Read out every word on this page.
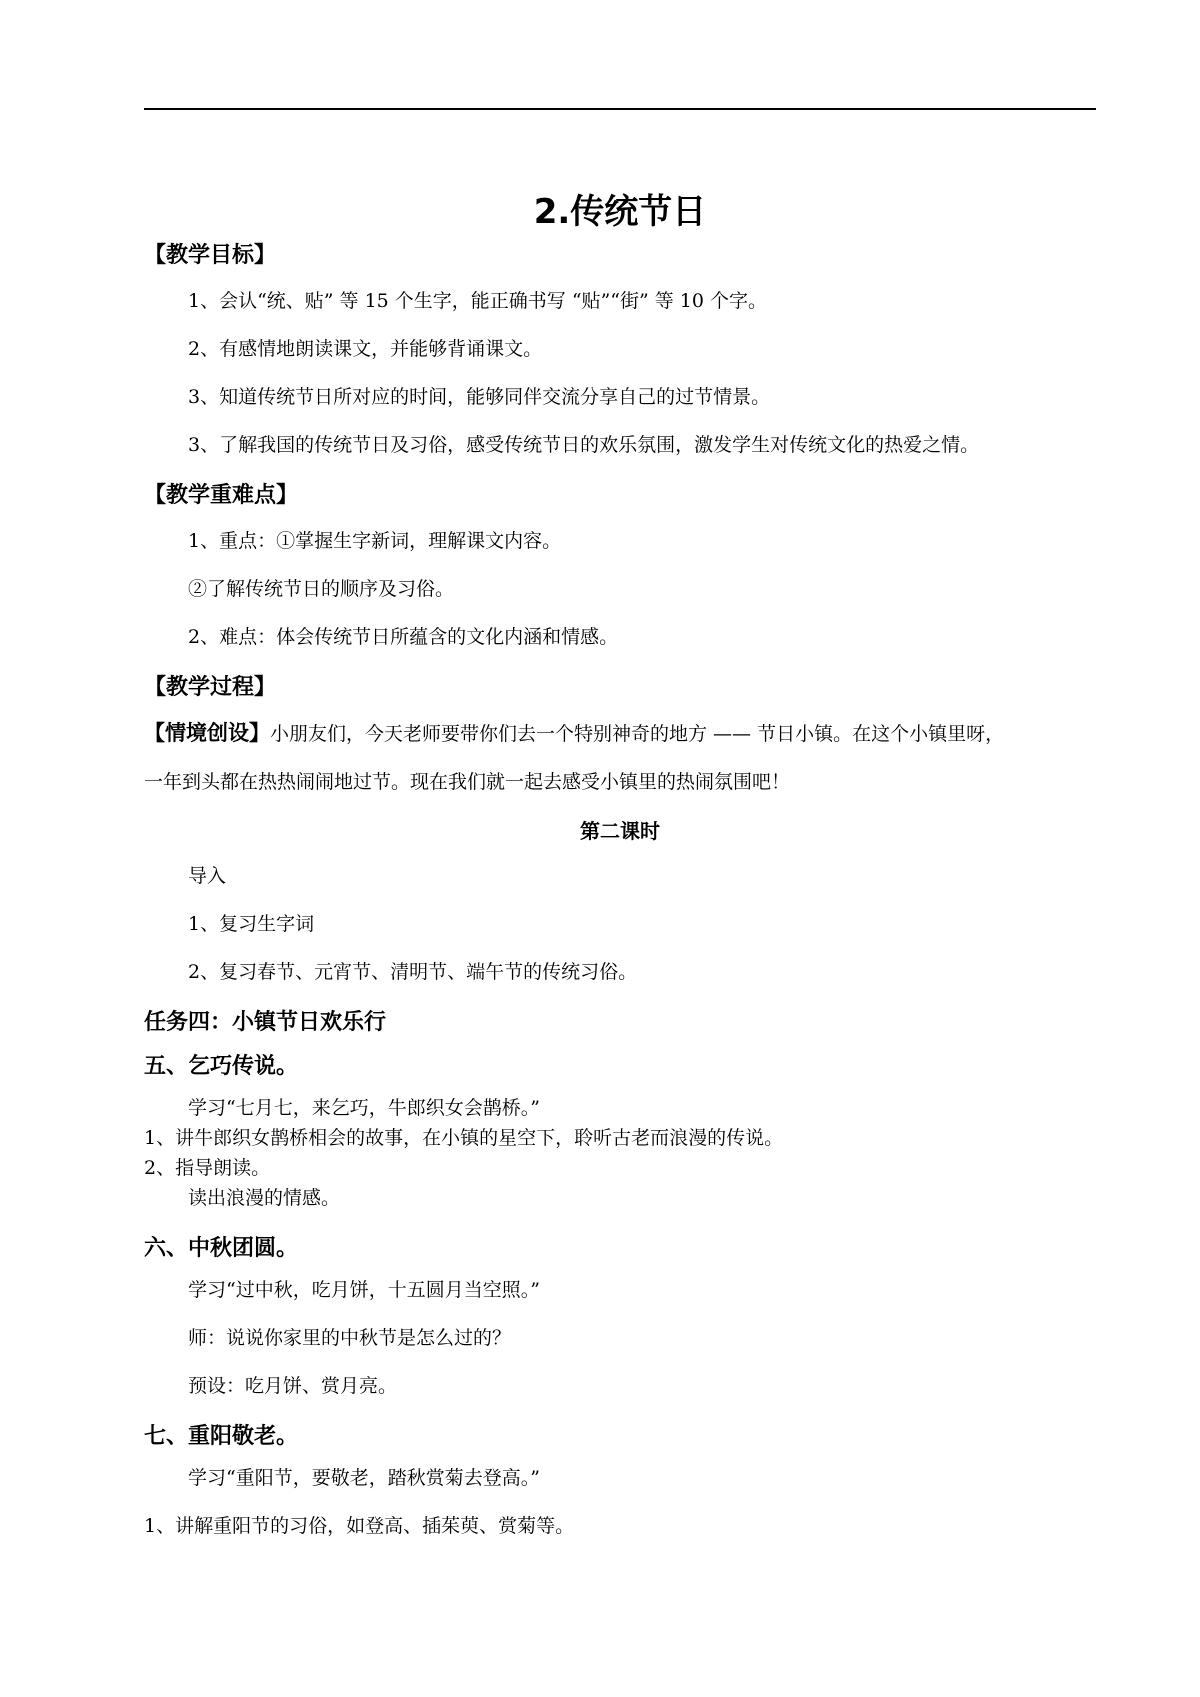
2.传统节日
【教学目标】
1、会认“统、贴” 等 15 个生字，能正确书写 “贴”“街” 等 10 个字。
2、有感情地朗读课文，并能够背诵课文。
3、知道传统节日所对应的时间，能够同伴交流分享自己的过节情景。
3、了解我国的传统节日及习俗，感受传统节日的欢乐氛围，激发学生对传统文化的热爱之情。
【教学重难点】
1、重点：①掌握生字新词，理解课文内容。
②了解传统节日的顺序及习俗。
2、难点：体会传统节日所蕴含的文化内涵和情感。
【教学过程】
【情境创设】小朋友们，今天老师要带你们去一个特别神奇的地方 —— 节日小镇。在这个小镇里呀，
一年到头都在热热闹闹地过节。现在我们就一起去感受小镇里的热闹氛围吧！
第二课时
导入
1、复习生字词
2、复习春节、元宵节、清明节、端午节的传统习俗。
任务四：小镇节日欢乐行
五、乞巧传说。
学习“七月七，来乞巧，牛郎织女会鹊桥。”
1、讲牛郎织女鹊桥相会的故事，在小镇的星空下，聆听古老而浪漫的传说。
2、指导朗读。
读出浪漫的情感。
六、中秋团圆。
学习“过中秋，吃月饼，十五圆月当空照。”
师：说说你家里的中秋节是怎么过的？
预设：吃月饼、赏月亮。
七、重阳敬老。
学习“重阳节，要敬老，踏秋赏菊去登高。”
1、讲解重阳节的习俗，如登高、插茱萸、赏菊等。
